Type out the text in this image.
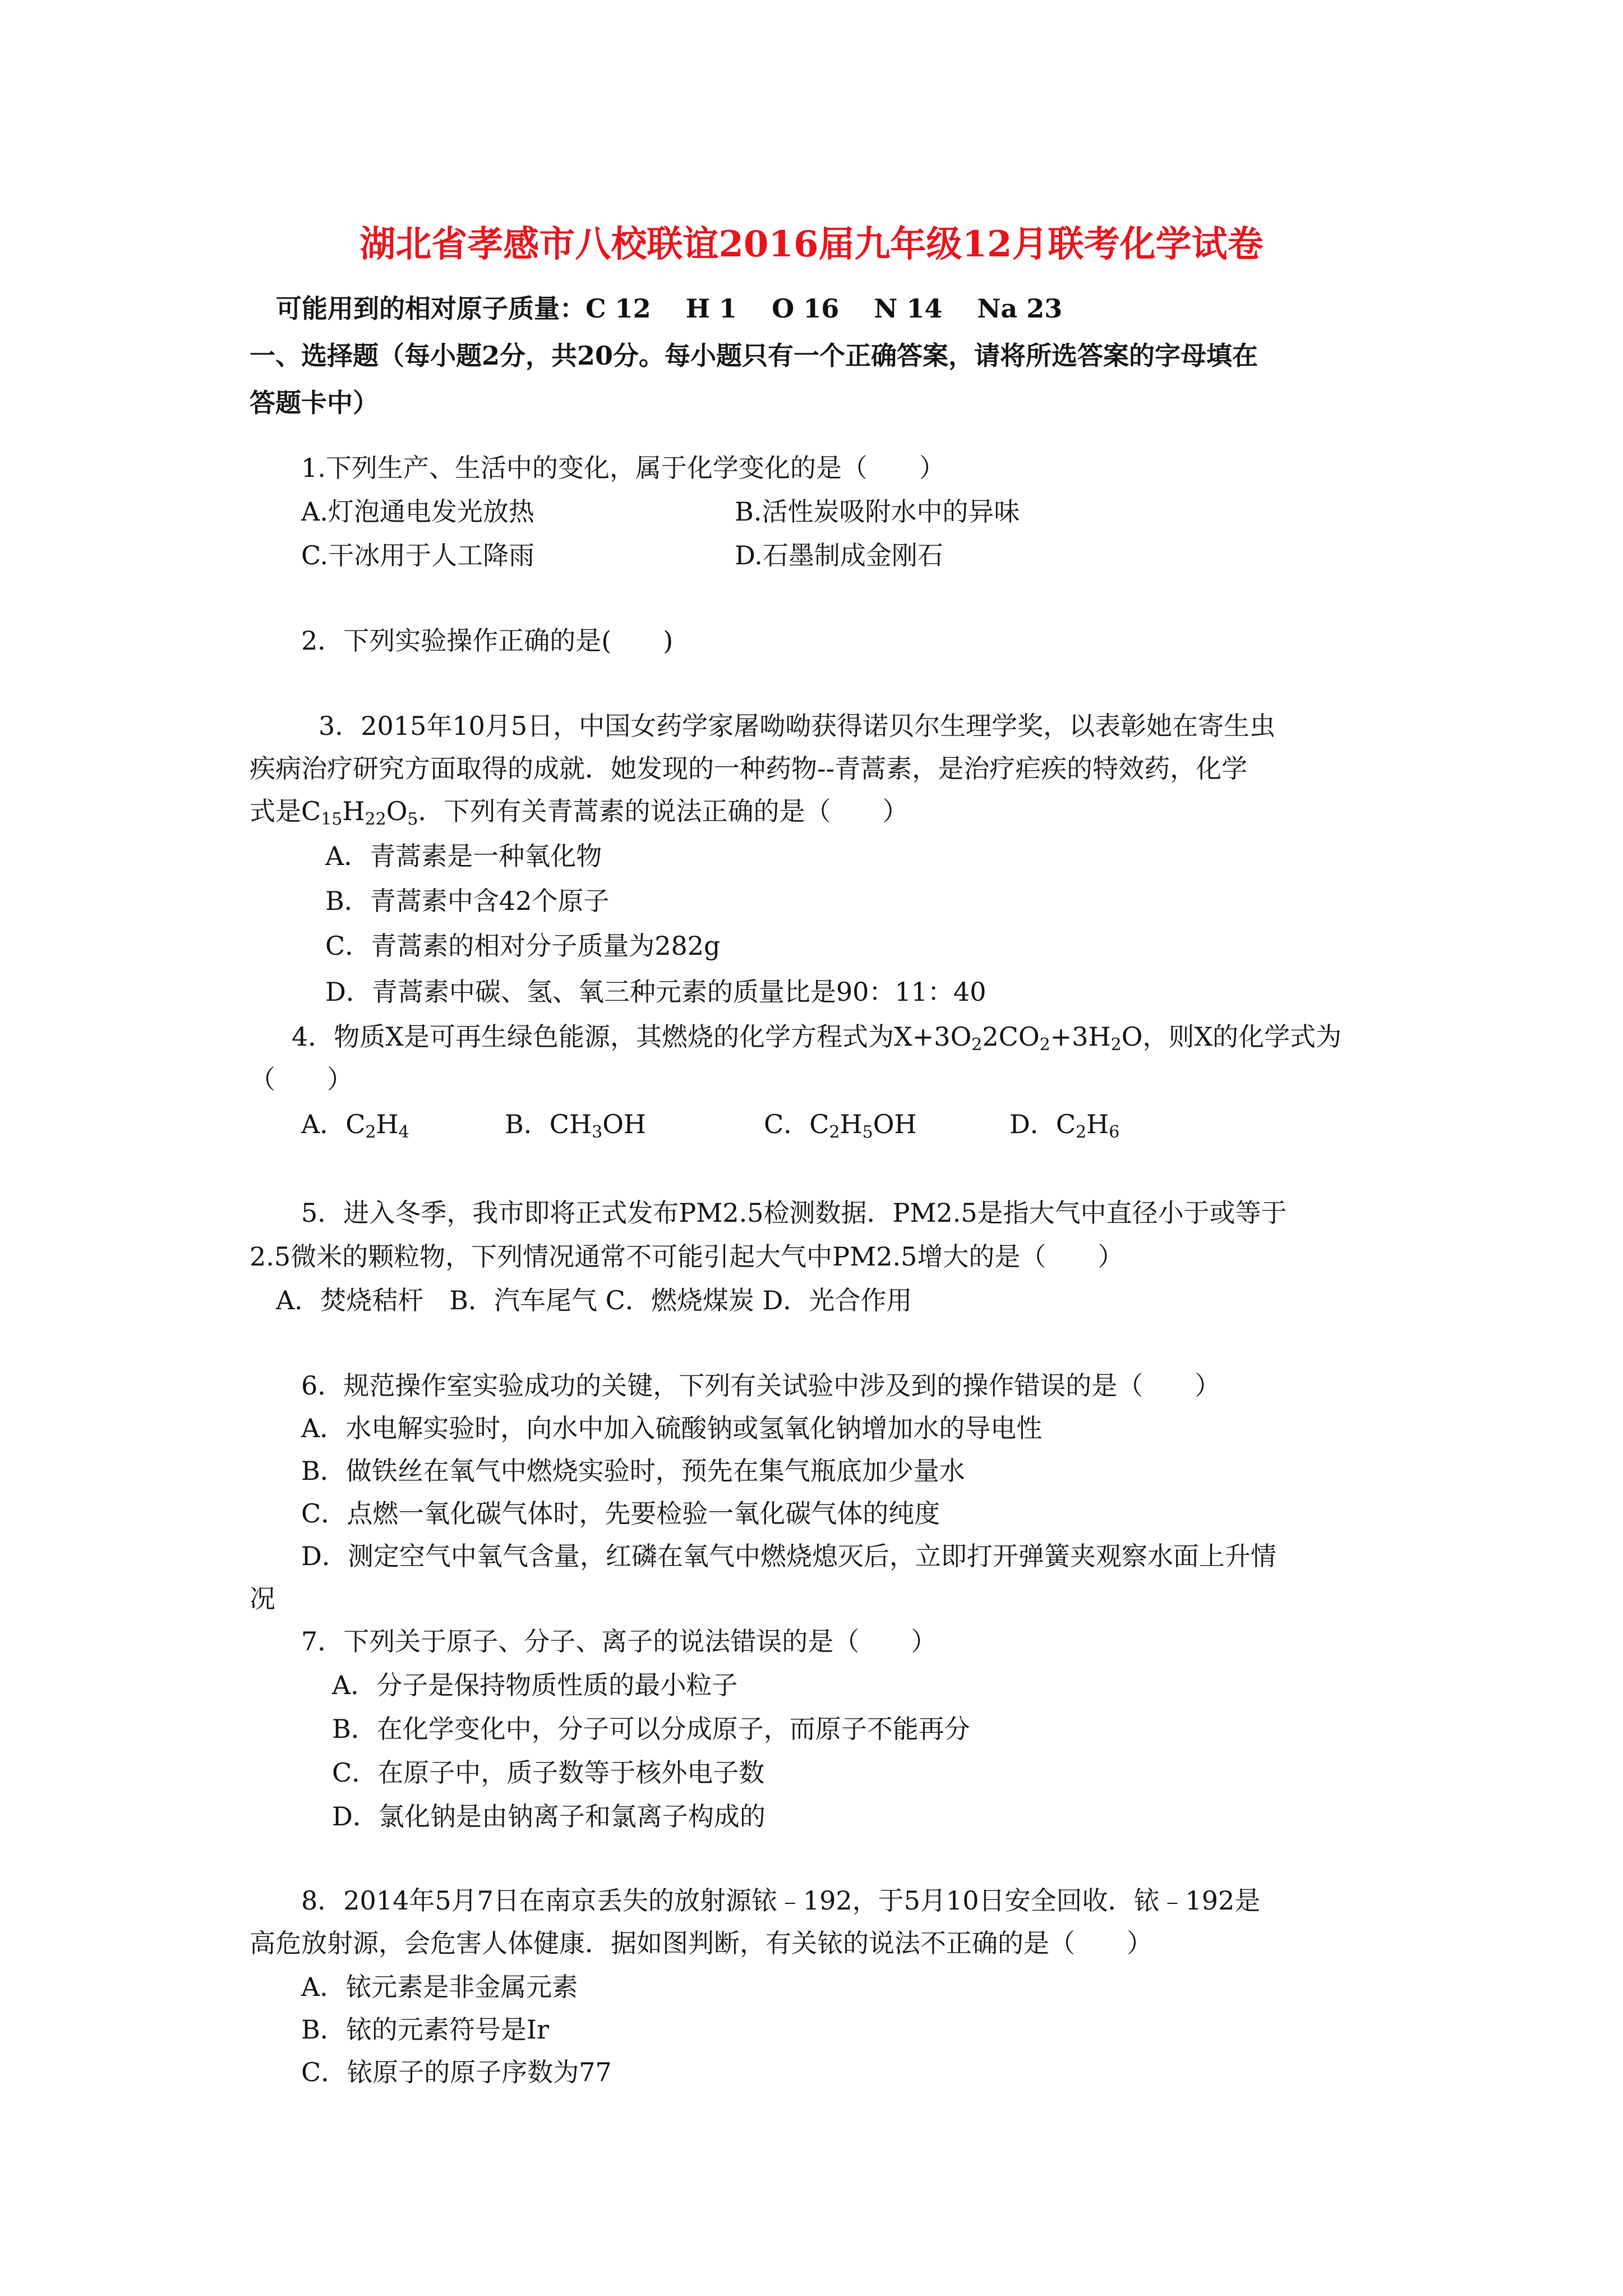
湖北省孝感市八校联谊2016届九年级12月联考化学试卷
可能用到的相对原子质量：C 12　 H 1　 O 16　 N 14　 Na 23
一、选择题（每小题2分，共20分。每小题只有一个正确答案，请将所选答案的字母填在
答题卡中）
1.下列生产、生活中的变化，属于化学变化的是（　　）
A.灯泡通电发光放热	B.活性炭吸附水中的异味
C.干冰用于人工降雨	D.石墨制成金刚石
2．下列实验操作正确的是(　　)
3．2015年10月5日，中国女药学家屠呦呦获得诺贝尔生理学奖，以表彰她在寄生虫
疾病治疗研究方面取得的成就．她发现的一种药物--青蒿素，是治疗疟疾的特效药，化学
式是$C_{15}H_{22}O_5$．下列有关青蒿素的说法正确的是（　　）
A．青蒿素是一种氧化物
B．青蒿素中含42个原子
C．青蒿素的相对分子质量为282g
D．青蒿素中碳、氢、氧三种元素的质量比是90：11：40
4．物质X是可再生绿色能源，其燃烧的化学方程式为$X+3O_22CO_2+3H_2O$，则X的化学式为
（　　）
A．$C_2H_4$	B．$CH_3OH$	C．$C_2H_5OH$	D．$C_2H_6$
5．进入冬季，我市即将正式发布PM2.5检测数据．PM2.5是指大气中直径小于或等于
2.5微米的颗粒物，下列情况通常不可能引起大气中PM2.5增大的是（　　）
A．焚烧秸杆　B．汽车尾气 C．燃烧煤炭 D．光合作用
6．规范操作室实验成功的关键，下列有关试验中涉及到的操作错误的是（　　）
A．水电解实验时，向水中加入硫酸钠或氢氧化钠增加水的导电性
B．做铁丝在氧气中燃烧实验时，预先在集气瓶底加少量水
C．点燃一氧化碳气体时，先要检验一氧化碳气体的纯度
D．测定空气中氧气含量，红磷在氧气中燃烧熄灭后，立即打开弹簧夹观察水面上升情
况
7．下列关于原子、分子、离子的说法错误的是（　　）
A．分子是保持物质性质的最小粒子
B．在化学变化中，分子可以分成原子，而原子不能再分
C．在原子中，质子数等于核外电子数
D．氯化钠是由钠离子和氯离子构成的
8．2014年5月7日在南京丢失的放射源铱﹣192，于5月10日安全回收．铱﹣192是
高危放射源，会危害人体健康．据如图判断，有关铱的说法不正确的是（　　）
A．铱元素是非金属元素
B．铱的元素符号是Ir
C．铱原子的原子序数为77
